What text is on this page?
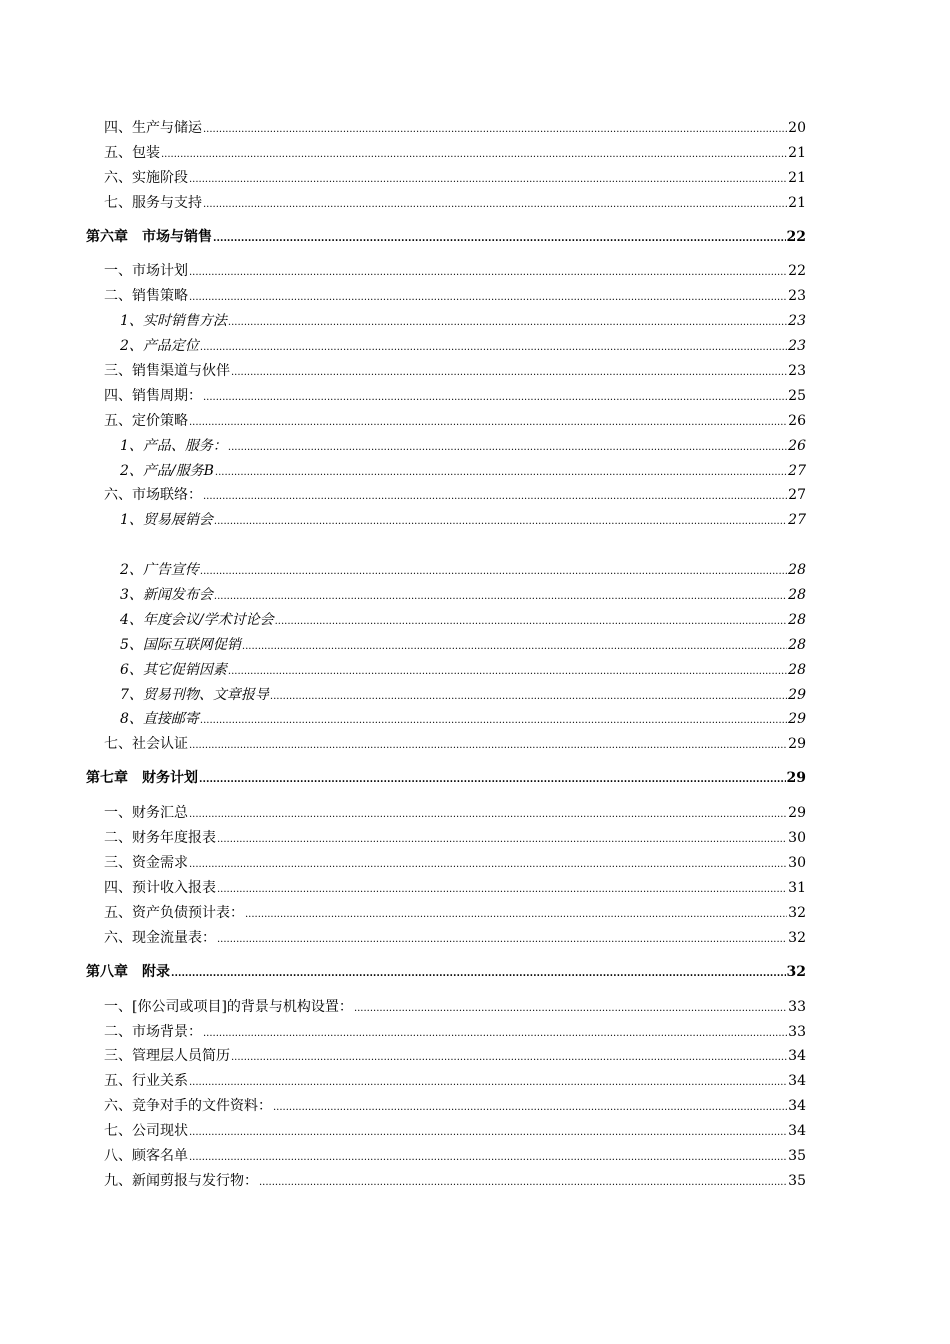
四、生产与储运 .....	20
五、包装 .....	21
六、实施阶段 .....	21
七、服务与支持 .....	21
第六章　市场与销售 .....	22
一、市场计划 .....	22
二、销售策略 .....	23
1、实时销售方法 .....	23
2、产品定位 .....	23
三、销售渠道与伙伴 .....	23
四、销售周期： .....	25
五、定价策略 .....	26
1、产品、服务： .....	26
2、产品/服务B .....	27
六、市场联络： .....	27
1、贸易展销会 .....	27
2、广告宣传 .....	28
3、新闻发布会 .....	28
4、年度会议/学术讨论会 .....	28
5、国际互联网促销 .....	28
6、其它促销因素 .....	28
7、贸易刊物、文章报导 .....	29
8、直接邮寄 .....	29
七、社会认证 .....	29
第七章　财务计划 .....	29
一、财务汇总 .....	29
二、财务年度报表 .....	30
三、资金需求 .....	30
四、预计收入报表 .....	31
五、资产负债预计表： .....	32
六、现金流量表： .....	32
第八章　附录 .....	32
一、[你公司或项目]的背景与机构设置： .....	33
二、市场背景： .....	33
三、管理层人员简历 .....	34
五、行业关系 .....	34
六、竞争对手的文件资料： .....	34
七、公司现状 .....	34
八、顾客名单 .....	35
九、新闻剪报与发行物： .....	35
